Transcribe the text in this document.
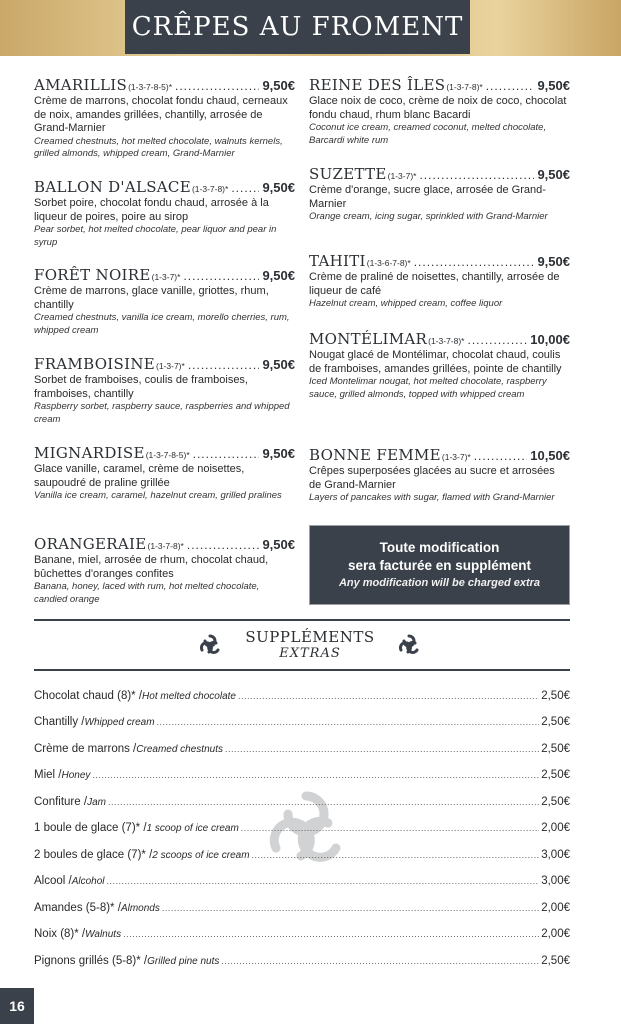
CRÊPES AU FROMENT
AMARILLIS (1-3-7-8-5)* .....	9,50€
Crème de marrons, chocolat fondu chaud, cerneaux de noix, amandes grillées, chantilly, arrosée de Grand-Marnier
Creamed chestnuts, hot melted chocolate, walnuts kernels, grilled almonds, whipped cream, Grand-Marnier
BALLON D'ALSACE (1-3-7-8)* .....	9,50€
Sorbet poire, chocolat fondu chaud, arrosée à la liqueur de poires, poire au sirop
Pear sorbet, hot melted chocolate, pear liquor and pear in syrup
FORÊT NOIRE (1-3-7)* .....	9,50€
Crème de marrons, glace vanille, griottes, rhum, chantilly
Creamed chestnuts, vanilla ice cream, morello cherries, rum, whipped cream
FRAMBOISINE (1-3-7)* .....	9,50€
Sorbet de framboises, coulis de framboises, framboises, chantilly
Raspberry sorbet, raspberry sauce, raspberries and whipped cream
MIGNARDISE (1-3-7-8-5)* .....	9,50€
Glace vanille, caramel, crème de noisettes, saupoudré de praline grillée
Vanilla ice cream, caramel, hazelnut cream, grilled pralines
ORANGERAIE (1-3-7-8)* .....	9,50€
Banane, miel, arrosée de rhum, chocolat chaud, bûchettes d'oranges confites
Banana, honey, laced with rum, hot melted chocolate, candied orange
REINE DES ÎLES (1-3-7-8)* .....	9,50€
Glace noix de coco, crème de noix de coco, chocolat fondu chaud, rhum blanc Bacardi
Coconut ice cream, creamed coconut, melted chocolate, Barcardi white rum
SUZETTE (1-3-7)* .....	9,50€
Crème d'orange, sucre glace, arrosée de Grand-Marnier
Orange cream, icing sugar, sprinkled with Grand-Marnier
TAHITI (1-3-6-7-8)* .....	9,50€
Crème de praliné de noisettes, chantilly, arrosée de liqueur de café
Hazelnut cream, whipped cream, coffee liquor
MONTÉLIMAR (1-3-7-8)* .....	10,00€
Nougat glacé de Montélimar, chocolat chaud, coulis de framboises, amandes grillées, pointe de chantilly
Iced Montelimar nougat, hot melted chocolate, raspberry sauce, grilled almonds, topped with whipped cream
BONNE FEMME (1-3-7)* .....	10,50€
Crêpes superposées glacées au sucre et arrosées de Grand-Marnier
Layers of pancakes with sugar, flamed with Grand-Marnier
Toute modification
sera facturée en supplément
Any modification will be charged extra
SUPPLÉMENTS
EXTRAS
Chocolat chaud (8)* / Hot melted chocolate .....	2,50€
Chantilly / Whipped cream .....	2,50€
Crème de marrons / Creamed chestnuts .....	2,50€
Miel / Honey .....	2,50€
Confiture / Jam .....	2,50€
1 boule de glace (7)* / 1 scoop of ice cream .....	2,00€
2 boules de glace (7)* / 2 scoops of ice cream .....	3,00€
Alcool / Alcohol .....	3,00€
Amandes (5-8)* / Almonds .....	2,00€
Noix (8)* / Walnuts .....	2,00€
Pignons grillés (5-8)* / Grilled pine nuts .....	2,50€
16
